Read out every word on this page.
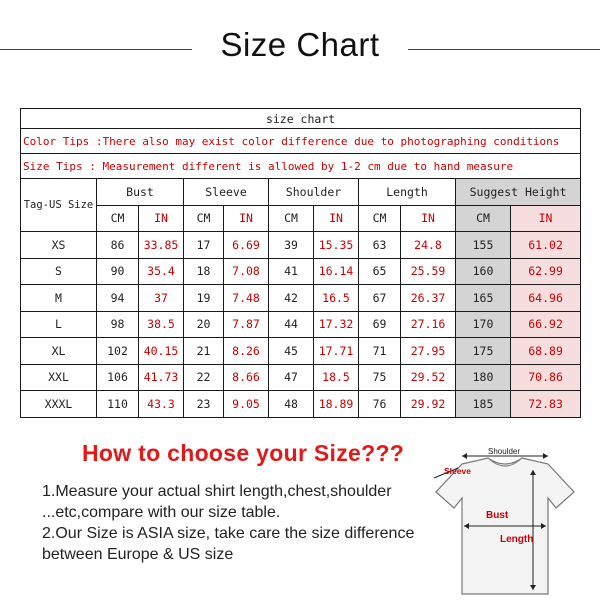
Size Chart
size chart										
Color Tips :There also may exist color difference due to photographing conditions										
Size Tips : Measurement different is allowed by 1-2 cm due to hand measure										
Tag-US Size	Bust		Sleeve		Shoulder		Length		Suggest Height	
	CM	IN	CM	IN	CM	IN	CM	IN	CM	IN
XS	86	33.85	17	6.69	39	15.35	63	24.8	155	61.02
S	90	35.4	18	7.08	41	16.14	65	25.59	160	62.99
M	94	37	19	7.48	42	16.5	67	26.37	165	64.96
L	98	38.5	20	7.87	44	17.32	69	27.16	170	66.92
XL	102	40.15	21	8.26	45	17.71	71	27.95	175	68.89
XXL	106	41.73	22	8.66	47	18.5	75	29.52	180	70.86
XXXL	110	43.3	23	9.05	48	18.89	76	29.92	185	72.83
How to choose your Size???
1.Measure your actual shirt length,chest,shoulder
...etc,compare with our size table.
2.Our Size is ASIA size, take care the size difference
between Europe & US size
Shoulder
Sleeve
Bust
Length
